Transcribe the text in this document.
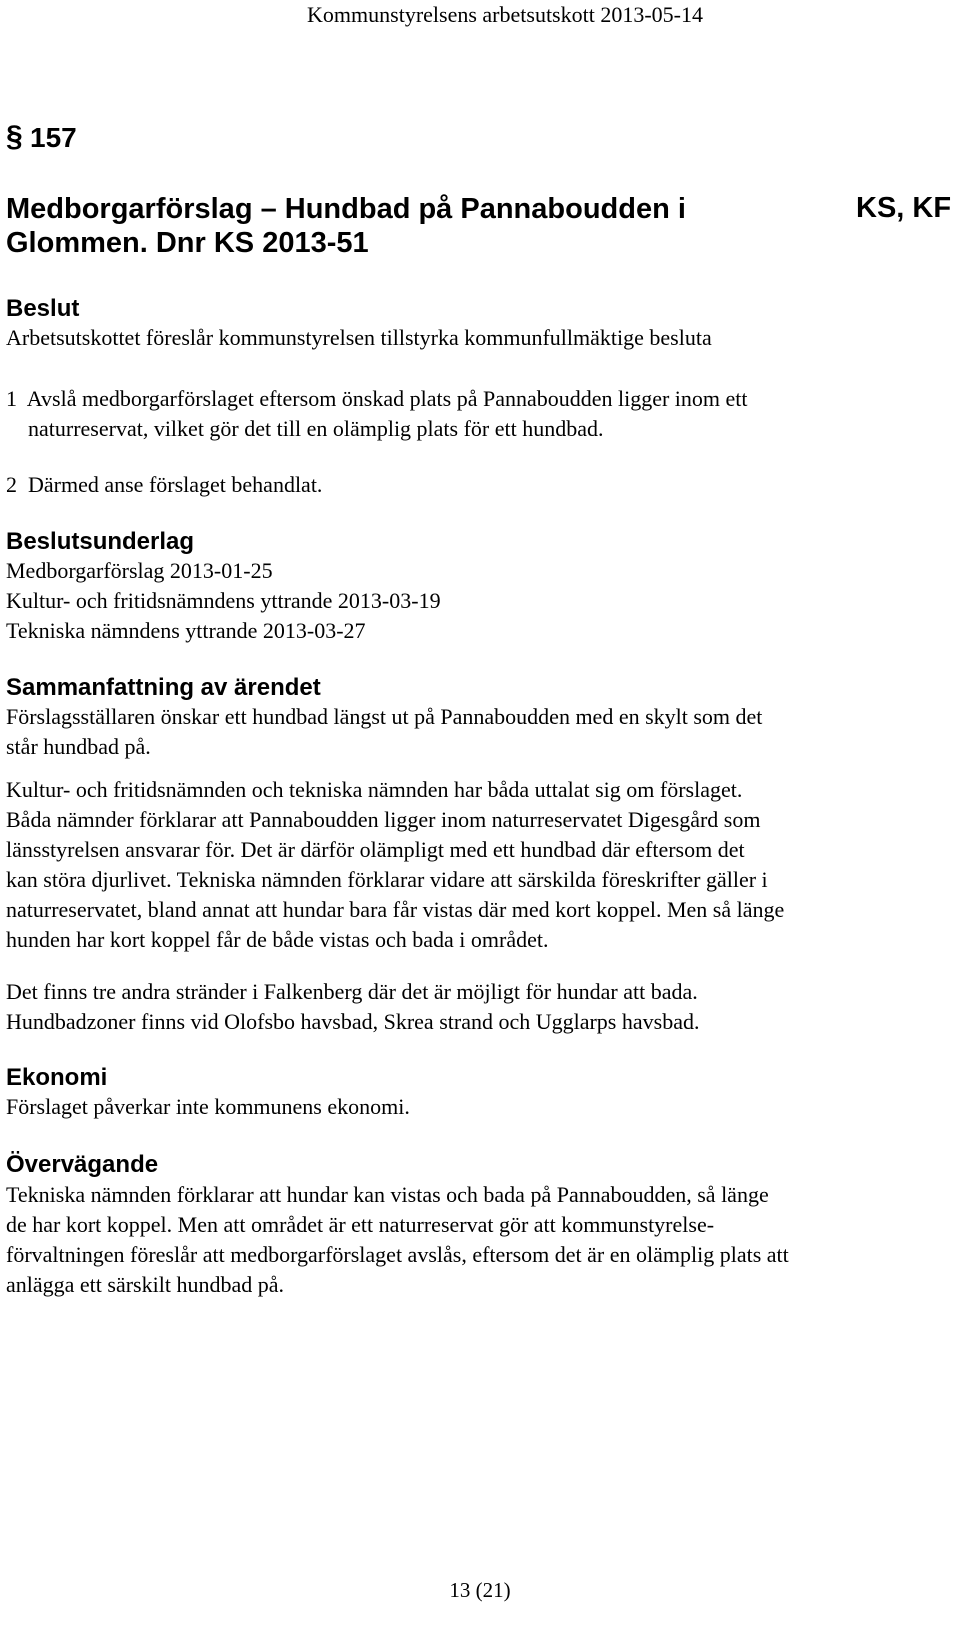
Kommunstyrelsens arbetsutskott 2013-05-14
§ 157
Medborgarförslag – Hundbad på Pannaboudden i
Glommen. Dnr KS 2013-51
KS, KF
Beslut
Arbetsutskottet föreslår kommunstyrelsen tillstyrka kommunfullmäktige besluta
1  Avslå medborgarförslaget eftersom önskad plats på Pannaboudden ligger inom ett
naturreservat, vilket gör det till en olämplig plats för ett hundbad.
2  Därmed anse förslaget behandlat.
Beslutsunderlag
Medborgarförslag 2013-01-25
Kultur- och fritidsnämndens yttrande 2013-03-19
Tekniska nämndens yttrande 2013-03-27
Sammanfattning av ärendet
Förslagsställaren önskar ett hundbad längst ut på Pannaboudden med en skylt som det
står hundbad på.
Kultur- och fritidsnämnden och tekniska nämnden har båda uttalat sig om förslaget.
Båda nämnder förklarar att Pannaboudden ligger inom naturreservatet Digesgård som
länsstyrelsen ansvarar för. Det är därför olämpligt med ett hundbad där eftersom det
kan störa djurlivet. Tekniska nämnden förklarar vidare att särskilda föreskrifter gäller i
naturreservatet, bland annat att hundar bara får vistas där med kort koppel. Men så länge
hunden har kort koppel får de både vistas och bada i området.
Det finns tre andra stränder i Falkenberg där det är möjligt för hundar att bada.
Hundbadzoner finns vid Olofsbo havsbad, Skrea strand och Ugglarps havsbad.
Ekonomi
Förslaget påverkar inte kommunens ekonomi.
Övervägande
Tekniska nämnden förklarar att hundar kan vistas och bada på Pannaboudden, så länge
de har kort koppel. Men att området är ett naturreservat gör att kommunstyrelse-
förvaltningen föreslår att medborgarförslaget avslås, eftersom det är en olämplig plats att
anlägga ett särskilt hundbad på.
13 (21)
